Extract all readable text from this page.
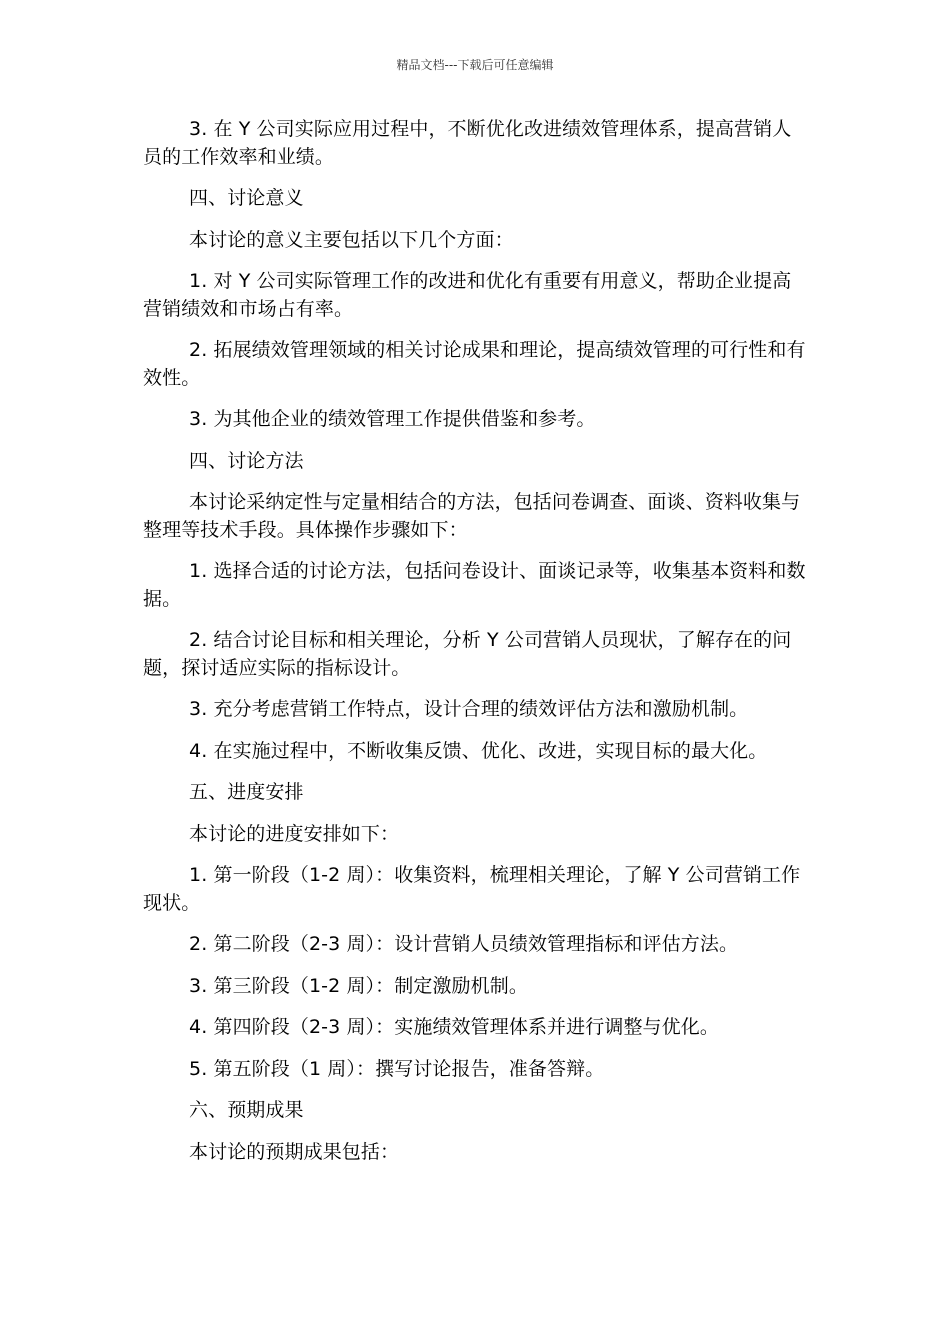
精品文档---下载后可任意编辑

3. 在 Y 公司实际应用过程中，不断优化改进绩效管理体系，提高营销人员的工作效率和业绩。

四、讨论意义

本讨论的意义主要包括以下几个方面：

1. 对 Y 公司实际管理工作的改进和优化有重要有用意义，帮助企业提高营销绩效和市场占有率。

2. 拓展绩效管理领域的相关讨论成果和理论，提高绩效管理的可行性和有效性。

3. 为其他企业的绩效管理工作提供借鉴和参考。

四、讨论方法

本讨论采纳定性与定量相结合的方法，包括问卷调查、面谈、资料收集与整理等技术手段。具体操作步骤如下：

1. 选择合适的讨论方法，包括问卷设计、面谈记录等，收集基本资料和数据。

2. 结合讨论目标和相关理论，分析 Y 公司营销人员现状，了解存在的问题，探讨适应实际的指标设计。

3. 充分考虑营销工作特点，设计合理的绩效评估方法和激励机制。

4. 在实施过程中，不断收集反馈、优化、改进，实现目标的最大化。

五、进度安排

本讨论的进度安排如下：

1. 第一阶段（1-2 周）：收集资料，梳理相关理论，了解 Y 公司营销工作现状。

2. 第二阶段（2-3 周）：设计营销人员绩效管理指标和评估方法。

3. 第三阶段（1-2 周）：制定激励机制。

4. 第四阶段（2-3 周）：实施绩效管理体系并进行调整与优化。

5. 第五阶段（1 周）：撰写讨论报告，准备答辩。

六、预期成果

本讨论的预期成果包括：
